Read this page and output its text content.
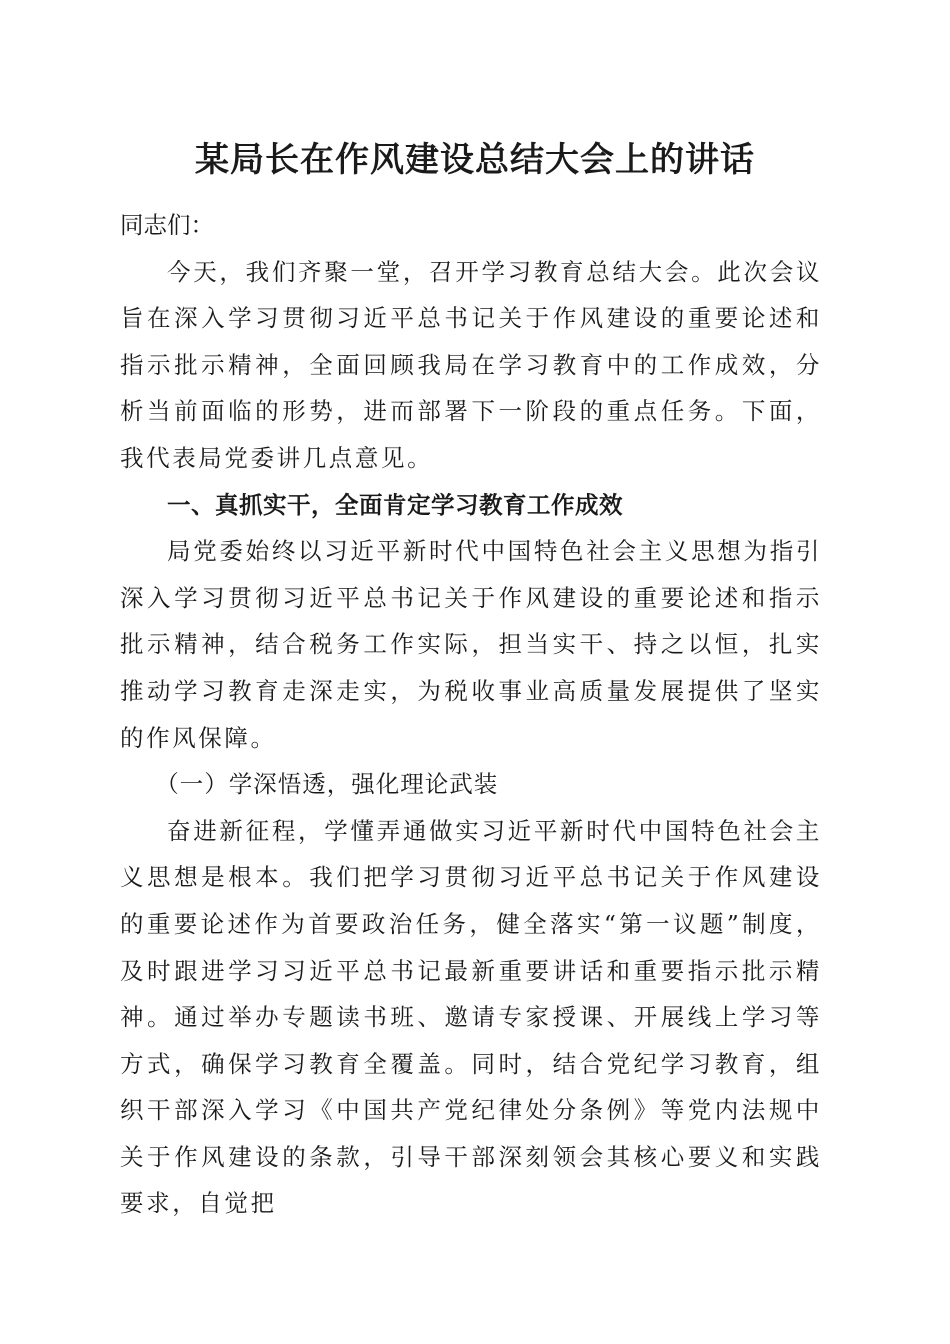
某局长在作风建设总结大会上的讲话

同志们：

今天，我们齐聚一堂，召开学习教育总结大会。此次会议旨在深入学习贯彻习近平总书记关于作风建设的重要论述和指示批示精神，全面回顾我局在学习教育中的工作成效，分析当前面临的形势，进而部署下一阶段的重点任务。下面，我代表局党委讲几点意见。

一、真抓实干，全面肯定学习教育工作成效

局党委始终以习近平新时代中国特色社会主义思想为指引深入学习贯彻习近平总书记关于作风建设的重要论述和指示批示精神，结合税务工作实际，担当实干、持之以恒，扎实推动学习教育走深走实，为税收事业高质量发展提供了坚实的作风保障。

（一）学深悟透，强化理论武装

奋进新征程，学懂弄通做实习近平新时代中国特色社会主义思想是根本。我们把学习贯彻习近平总书记关于作风建设的重要论述作为首要政治任务，健全落实“第一议题”制度，及时跟进学习习近平总书记最新重要讲话和重要指示批示精神。通过举办专题读书班、邀请专家授课、开展线上学习等方式，确保学习教育全覆盖。同时，结合党纪学习教育，组织干部深入学习《中国共产党纪律处分条例》等党内法规中关于作风建设的条款，引导干部深刻领会其核心要义和实践要求，自觉把
